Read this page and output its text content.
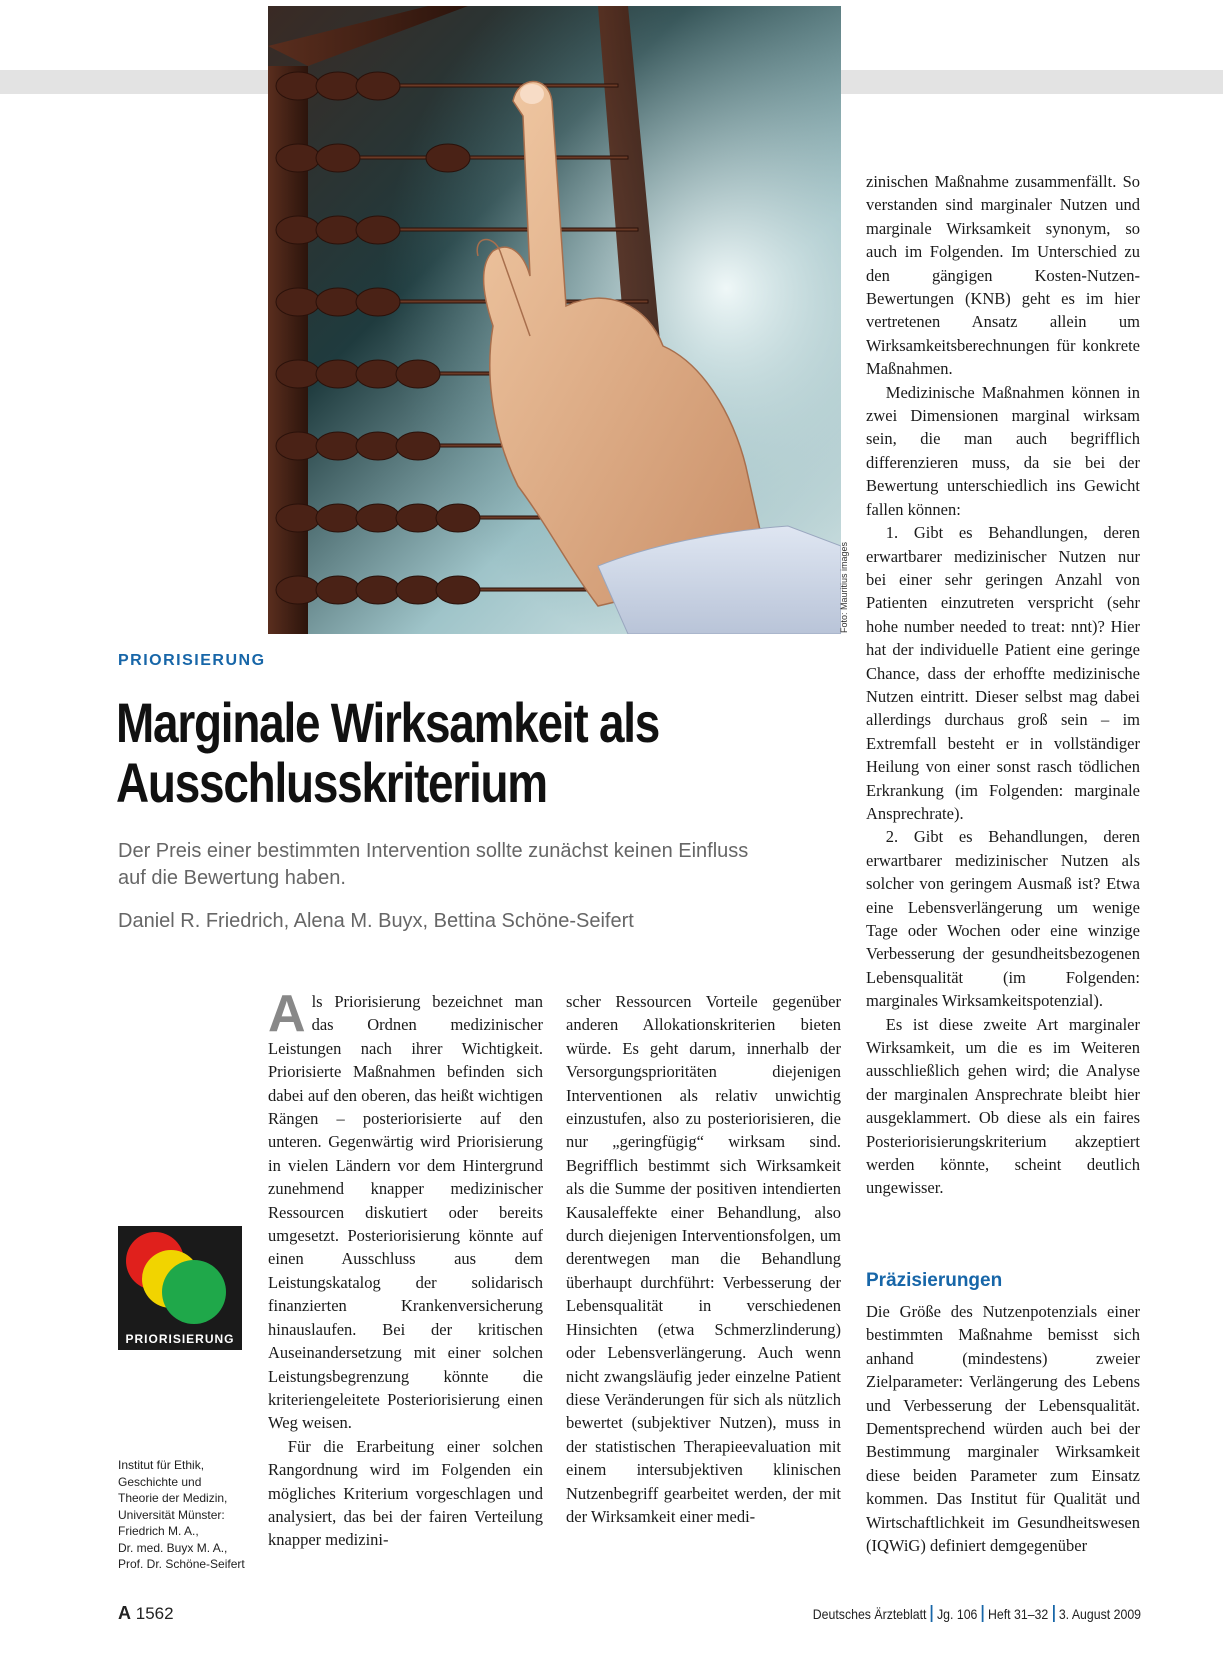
Foto: Mauritius images
PRIORISIERUNG
Marginale Wirksamkeit als
Ausschlusskriterium
Der Preis einer bestimmten Intervention sollte zunächst keinen Einfluss auf die Bewertung haben.
Daniel R. Friedrich, Alena M. Buyx, Bettina Schöne-Seifert
PRIORISIERUNG
Institut für Ethik,
Geschichte und
Theorie der Medizin,
Universität Münster:
Friedrich M. A.,
Dr. med. Buyx M. A.,
Prof. Dr. Schöne-Seifert

Als Priorisierung bezeichnet man das Ordnen medizinischer Leistungen nach ihrer Wichtigkeit. Priorisierte Maßnahmen befinden sich dabei auf den oberen, das heißt wichtigen Rängen – posteriorisierte auf den unteren. Gegenwärtig wird Priorisierung in vielen Ländern vor dem Hintergrund zunehmend knapper medizinischer Ressourcen diskutiert oder bereits umgesetzt. Posteriorisierung könnte auf einen Ausschluss aus dem Leistungskatalog der solidarisch finanzierten Krankenversicherung hinauslaufen. Bei der kritischen Auseinandersetzung mit einer solchen Leistungsbegrenzung könnte die kriteriengeleitete Posteriorisierung einen Weg weisen.

Für die Erarbeitung einer solchen Rangordnung wird im Folgenden ein mögliches Kriterium vorgeschlagen und analysiert, das bei der fairen Verteilung knapper medizini-

scher Ressourcen Vorteile gegenüber anderen Allokationskriterien bieten würde. Es geht darum, innerhalb der Versorgungsprioritäten diejenigen Interventionen als relativ unwichtig einzustufen, also zu posteriorisieren, die nur „geringfügig“ wirksam sind. Begrifflich bestimmt sich Wirksamkeit als die Summe der positiven intendierten Kausaleffekte einer Behandlung, also durch diejenigen Interventionsfolgen, um derentwegen man die Behandlung überhaupt durchführt: Verbesserung der Lebensqualität in verschiedenen Hinsichten (etwa Schmerzlinderung) oder Lebensverlängerung. Auch wenn nicht zwangsläufig jeder einzelne Patient diese Veränderungen für sich als nützlich bewertet (subjektiver Nutzen), muss in der statistischen Therapieevaluation mit einem intersubjektiven klinischen Nutzenbegriff gearbeitet werden, der mit der Wirksamkeit einer medi-

zinischen Maßnahme zusammenfällt. So verstanden sind marginaler Nutzen und marginale Wirksamkeit synonym, so auch im Folgenden. Im Unterschied zu den gängigen Kosten-Nutzen-Bewertungen (KNB) geht es im hier vertretenen Ansatz allein um Wirksamkeitsberechnungen für konkrete Maßnahmen.

Medizinische Maßnahmen können in zwei Dimensionen marginal wirksam sein, die man auch begrifflich differenzieren muss, da sie bei der Bewertung unterschiedlich ins Gewicht fallen können:

1. Gibt es Behandlungen, deren erwartbarer medizinischer Nutzen nur bei einer sehr geringen Anzahl von Patienten einzutreten verspricht (sehr hohe number needed to treat: nnt)? Hier hat der individuelle Patient eine geringe Chance, dass der erhoffte medizinische Nutzen eintritt. Dieser selbst mag dabei allerdings durchaus groß sein – im Extremfall besteht er in vollständiger Heilung von einer sonst rasch tödlichen Erkrankung (im Folgenden: marginale Ansprechrate).

2. Gibt es Behandlungen, deren erwartbarer medizinischer Nutzen als solcher von geringem Ausmaß ist? Etwa eine Lebensverlängerung um wenige Tage oder Wochen oder eine winzige Verbesserung der gesundheitsbezogenen Lebensqualität (im Folgenden: marginales Wirksamkeitspotenzial).

Es ist diese zweite Art marginaler Wirksamkeit, um die es im Weiteren ausschließlich gehen wird; die Analyse der marginalen Ansprechrate bleibt hier ausgeklammert. Ob diese als ein faires Posteriorisierungskriterium akzeptiert werden könnte, scheint deutlich ungewisser.

Präzisierungen

Die Größe des Nutzenpotenzials einer bestimmten Maßnahme bemisst sich anhand (mindestens) zweier Zielparameter: Verlängerung des Lebens und Verbesserung der Lebensqualität. Dementsprechend würden auch bei der Bestimmung marginaler Wirksamkeit diese beiden Parameter zum Einsatz kommen. Das Institut für Qualität und Wirtschaftlichkeit im Gesundheitswesen (IQWiG) definiert demgegenüber

A 1562	Deutsches Ärzteblatt Jg. 106 Heft 31–32 3. August 2009
